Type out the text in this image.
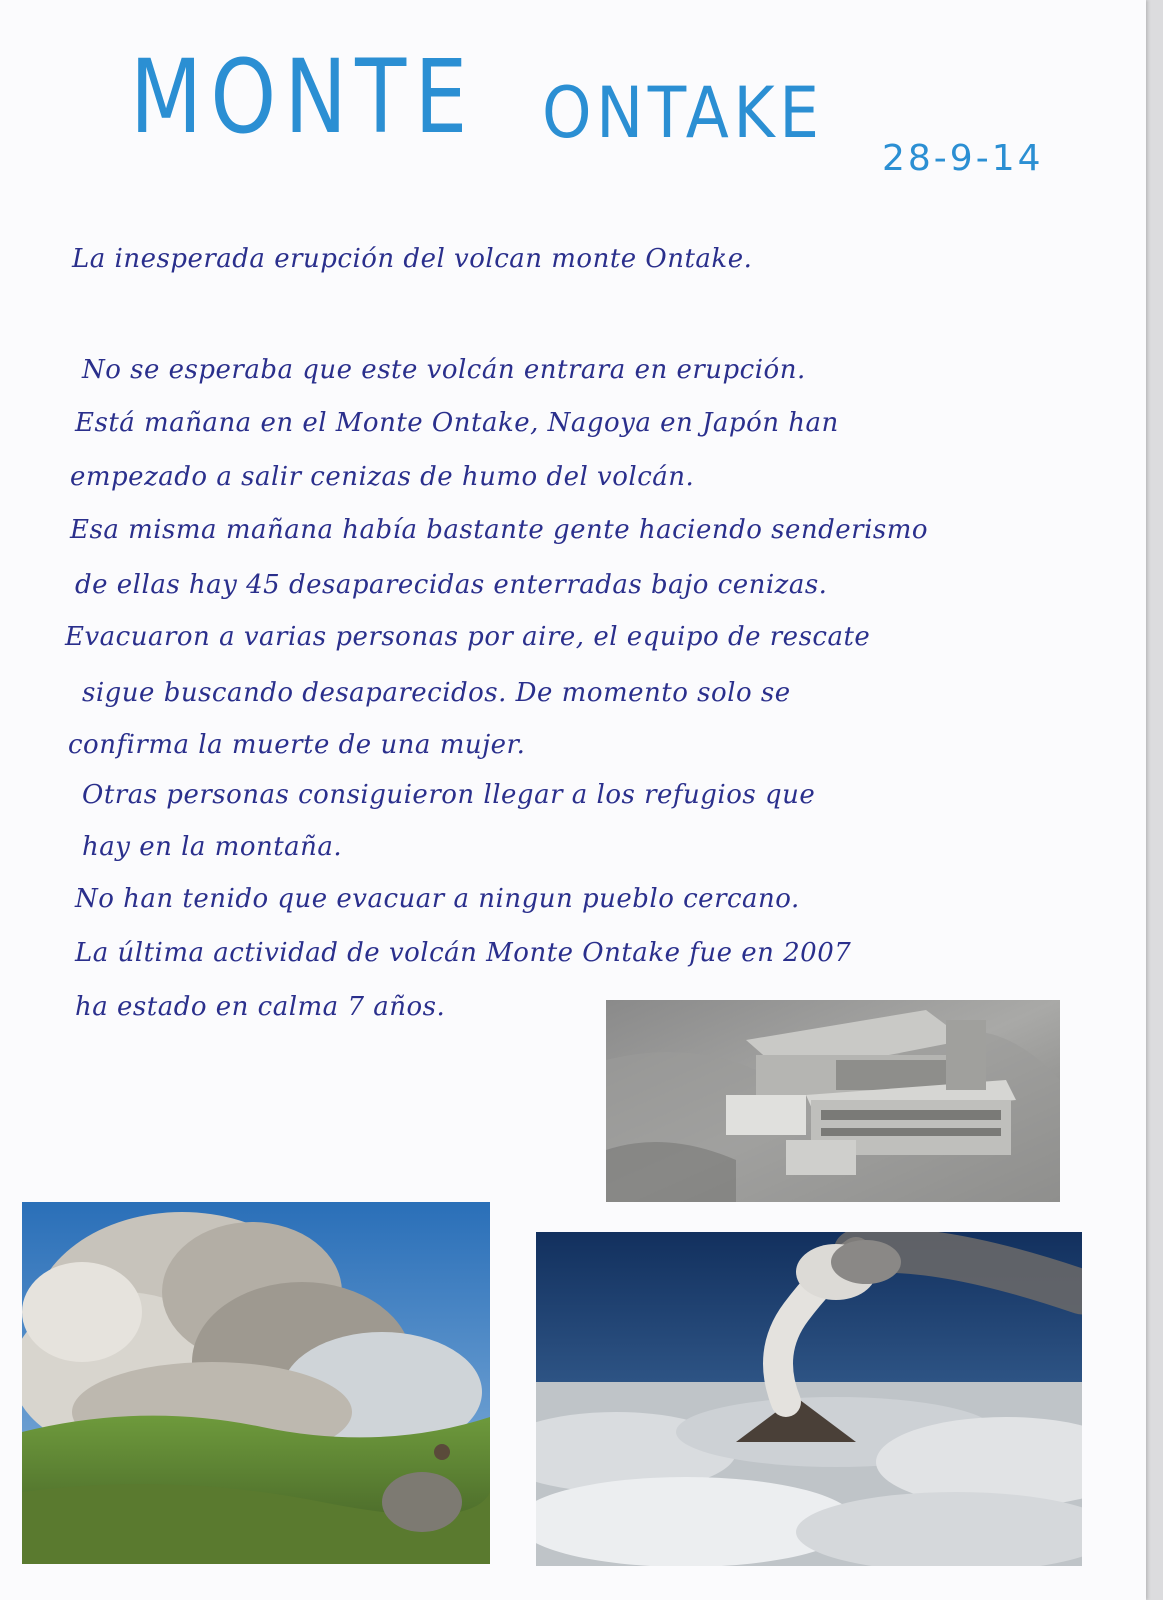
MONTE ONTAKE
28-9-14
La inesperada erupción del volcan monte Ontake.
No se esperaba que este volcán entrara en erupción.
Está mañana en el Monte Ontake, Nagoya en Japón han
empezado a salir cenizas de humo del volcán.
Esa misma mañana había bastante gente haciendo senderismo
de ellas hay 45 desaparecidas enterradas bajo cenizas.
Evacuaron a varias personas por aire, el equipo de rescate
sigue buscando desaparecidos. De momento solo se
confirma la muerte de una mujer.
Otras personas consiguieron llegar a los refugios que
hay en la montaña.
No han tenido que evacuar a ningun pueblo cercano.
La última actividad de volcán Monte Ontake fue en 2007
ha estado en calma 7 años.
